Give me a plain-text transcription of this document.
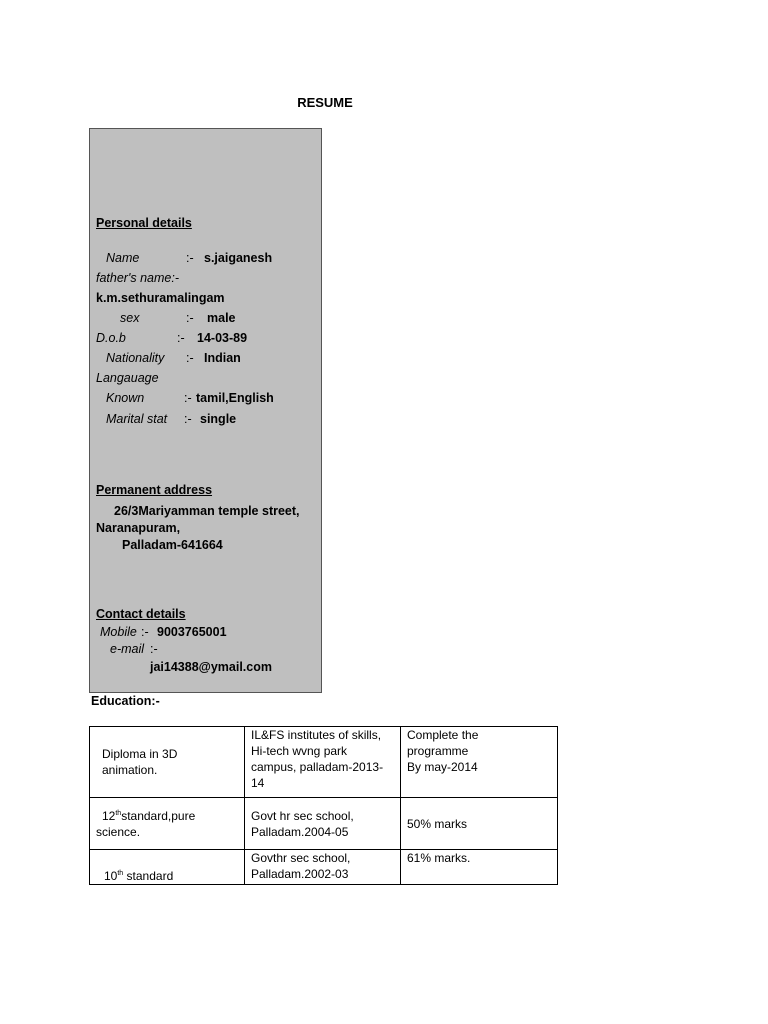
RESUME
Personal details
Name	:- s.jaiganesh
father's name:-
k.m.sethuramalingam
sex	:- male
D.o.b	:- 14-03-89
Nationality :- Indian
Langauage
Known	:- tamil,English
Marital stat :- single
Permanent address
26/3Mariyamman temple street,
Naranapuram,
Palladam-641664
Contact details
Mobile :- 9003765001
e-mail :-
jai14388@ymail.com
Education:-
Diploma in 3D
animation.	IL&FS institutes of skills,
Hi-tech wvng park
campus, palladam-2013-
14	Complete the
programme
By may-2014

12thstandard,pure
science.	Govt hr sec school,
Palladam.2004-05	50% marks

10th standard	Govthr sec school,
Palladam.2002-03	61% marks.
